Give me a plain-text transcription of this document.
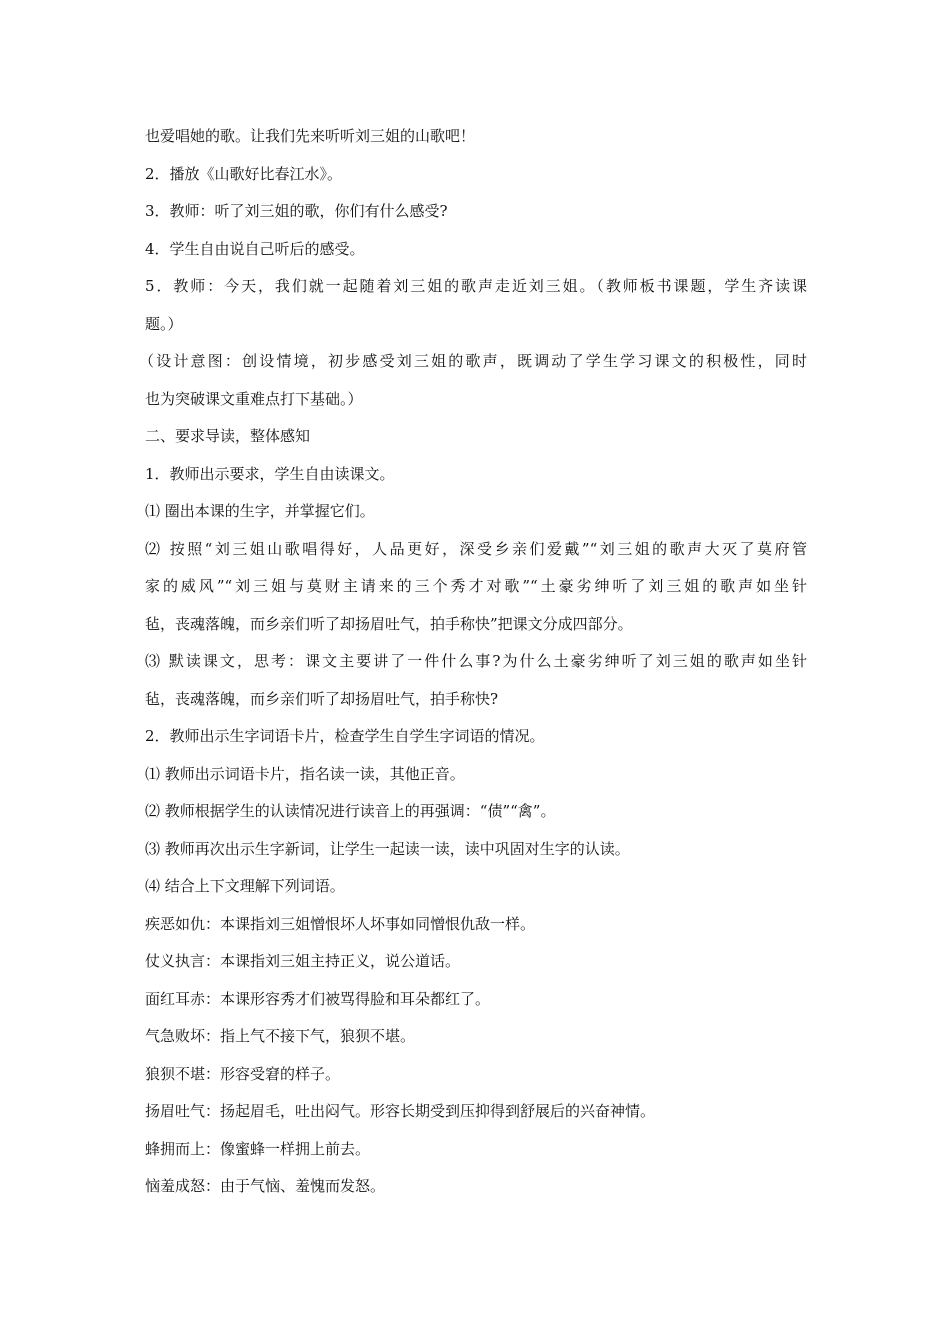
也爱唱她的歌。让我们先来听听刘三姐的山歌吧！
2．播放《山歌好比春江水》。
3．教师：听了刘三姐的歌，你们有什么感受?
4．学生自由说自己听后的感受。
5．教师：今天，我们就一起随着刘三姐的歌声走近刘三姐。（教师板书课题，学生齐读课
题。）
（设计意图：创设情境，初步感受刘三姐的歌声，既调动了学生学习课文的积极性，同时
也为突破课文重难点打下基础。）
二、要求导读，整体感知
1．教师出示要求，学生自由读课文。
⑴ 圈出本课的生字，并掌握它们。
⑵ 按照“刘三姐山歌唱得好，人品更好，深受乡亲们爱戴”“刘三姐的歌声大灭了莫府管
家的威风”“刘三姐与莫财主请来的三个秀才对歌”“土豪劣绅听了刘三姐的歌声如坐针
毡，丧魂落魄，而乡亲们听了却扬眉吐气，拍手称快”把课文分成四部分。
⑶ 默读课文，思考：课文主要讲了一件什么事?为什么土豪劣绅听了刘三姐的歌声如坐针
毡，丧魂落魄，而乡亲们听了却扬眉吐气，拍手称快?
2．教师出示生字词语卡片，检查学生自学生字词语的情况。
⑴ 教师出示词语卡片，指名读一读，其他正音。
⑵ 教师根据学生的认读情况进行读音上的再强调：“债”“禽”。
⑶ 教师再次出示生字新词，让学生一起读一读，读中巩固对生字的认读。
⑷ 结合上下文理解下列词语。
疾恶如仇：本课指刘三姐憎恨坏人坏事如同憎恨仇敌一样。
仗义执言：本课指刘三姐主持正义，说公道话。
面红耳赤：本课形容秀才们被骂得脸和耳朵都红了。
气急败坏：指上气不接下气，狼狈不堪。
狼狈不堪：形容受窘的样子。
扬眉吐气：扬起眉毛，吐出闷气。形容长期受到压抑得到舒展后的兴奋神情。
蜂拥而上：像蜜蜂一样拥上前去。
恼羞成怒：由于气恼、羞愧而发怒。
